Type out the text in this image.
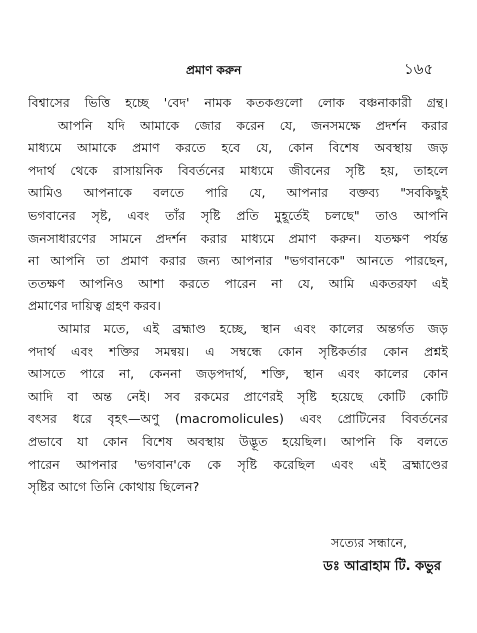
প্রমাণ করুন	১৬৫
বিশ্বাসের ভিত্তি হচ্ছে 'বেদ' নামক কতকগুলো লোক বঞ্চনাকারী গ্রন্থ।
আপনি যদি আমাকে জোর করেন যে, জনসমক্ষে প্রদর্শন করার
মাধ্যমে আমাকে প্রমাণ করতে হবে যে, কোন বিশেষ অবস্থায় জড়
পদার্থ থেকে রাসায়নিক বিবর্তনের মাধ্যমে জীবনের সৃষ্টি হয়, তাহলে
আমিও আপনাকে বলতে পারি যে, আপনার বক্তব্য "সবকিছুই
ভগবানের সৃষ্ট, এবং তাঁর সৃষ্টি প্রতি মুহূর্তেই চলছে" তাও আপনি
জনসাধারণের সামনে প্রদর্শন করার মাধ্যমে প্রমাণ করুন। যতক্ষণ পর্যন্ত
না আপনি তা প্রমাণ করার জন্য আপনার "ভগবানকে" আনতে পারছেন,
ততক্ষণ আপনিও আশা করতে পারেন না যে, আমি একতরফা এই
প্রমাণের দায়িত্ব গ্রহণ করব।
আমার মতে, এই ব্রহ্মাণ্ড হচ্ছে, স্থান এবং কালের অন্তর্গত জড়
পদার্থ এবং শক্তির সমন্বয়। এ সম্বন্ধে কোন সৃষ্টিকর্তার কোন প্রশ্নই
আসতে পারে না, কেননা জড়পদার্থ, শক্তি, স্থান এবং কালের কোন
আদি বা অন্ত নেই। সব রকমের প্রাণেরই সৃষ্টি হয়েছে কোটি কোটি
বৎসর ধরে বৃহৎ—অণু (macromolicules) এবং প্রোটিনের বিবর্তনের
প্রভাবে যা কোন বিশেষ অবস্থায় উদ্ভূত হয়েছিল। আপনি কি বলতে
পারেন আপনার 'ভগবান'কে কে সৃষ্টি করেছিল এবং এই ব্রহ্মাণ্ডের
সৃষ্টির আগে তিনি কোথায় ছিলেন?
সত্যের সন্ধানে,
ডঃ আব্রাহাম টি. কভুর
